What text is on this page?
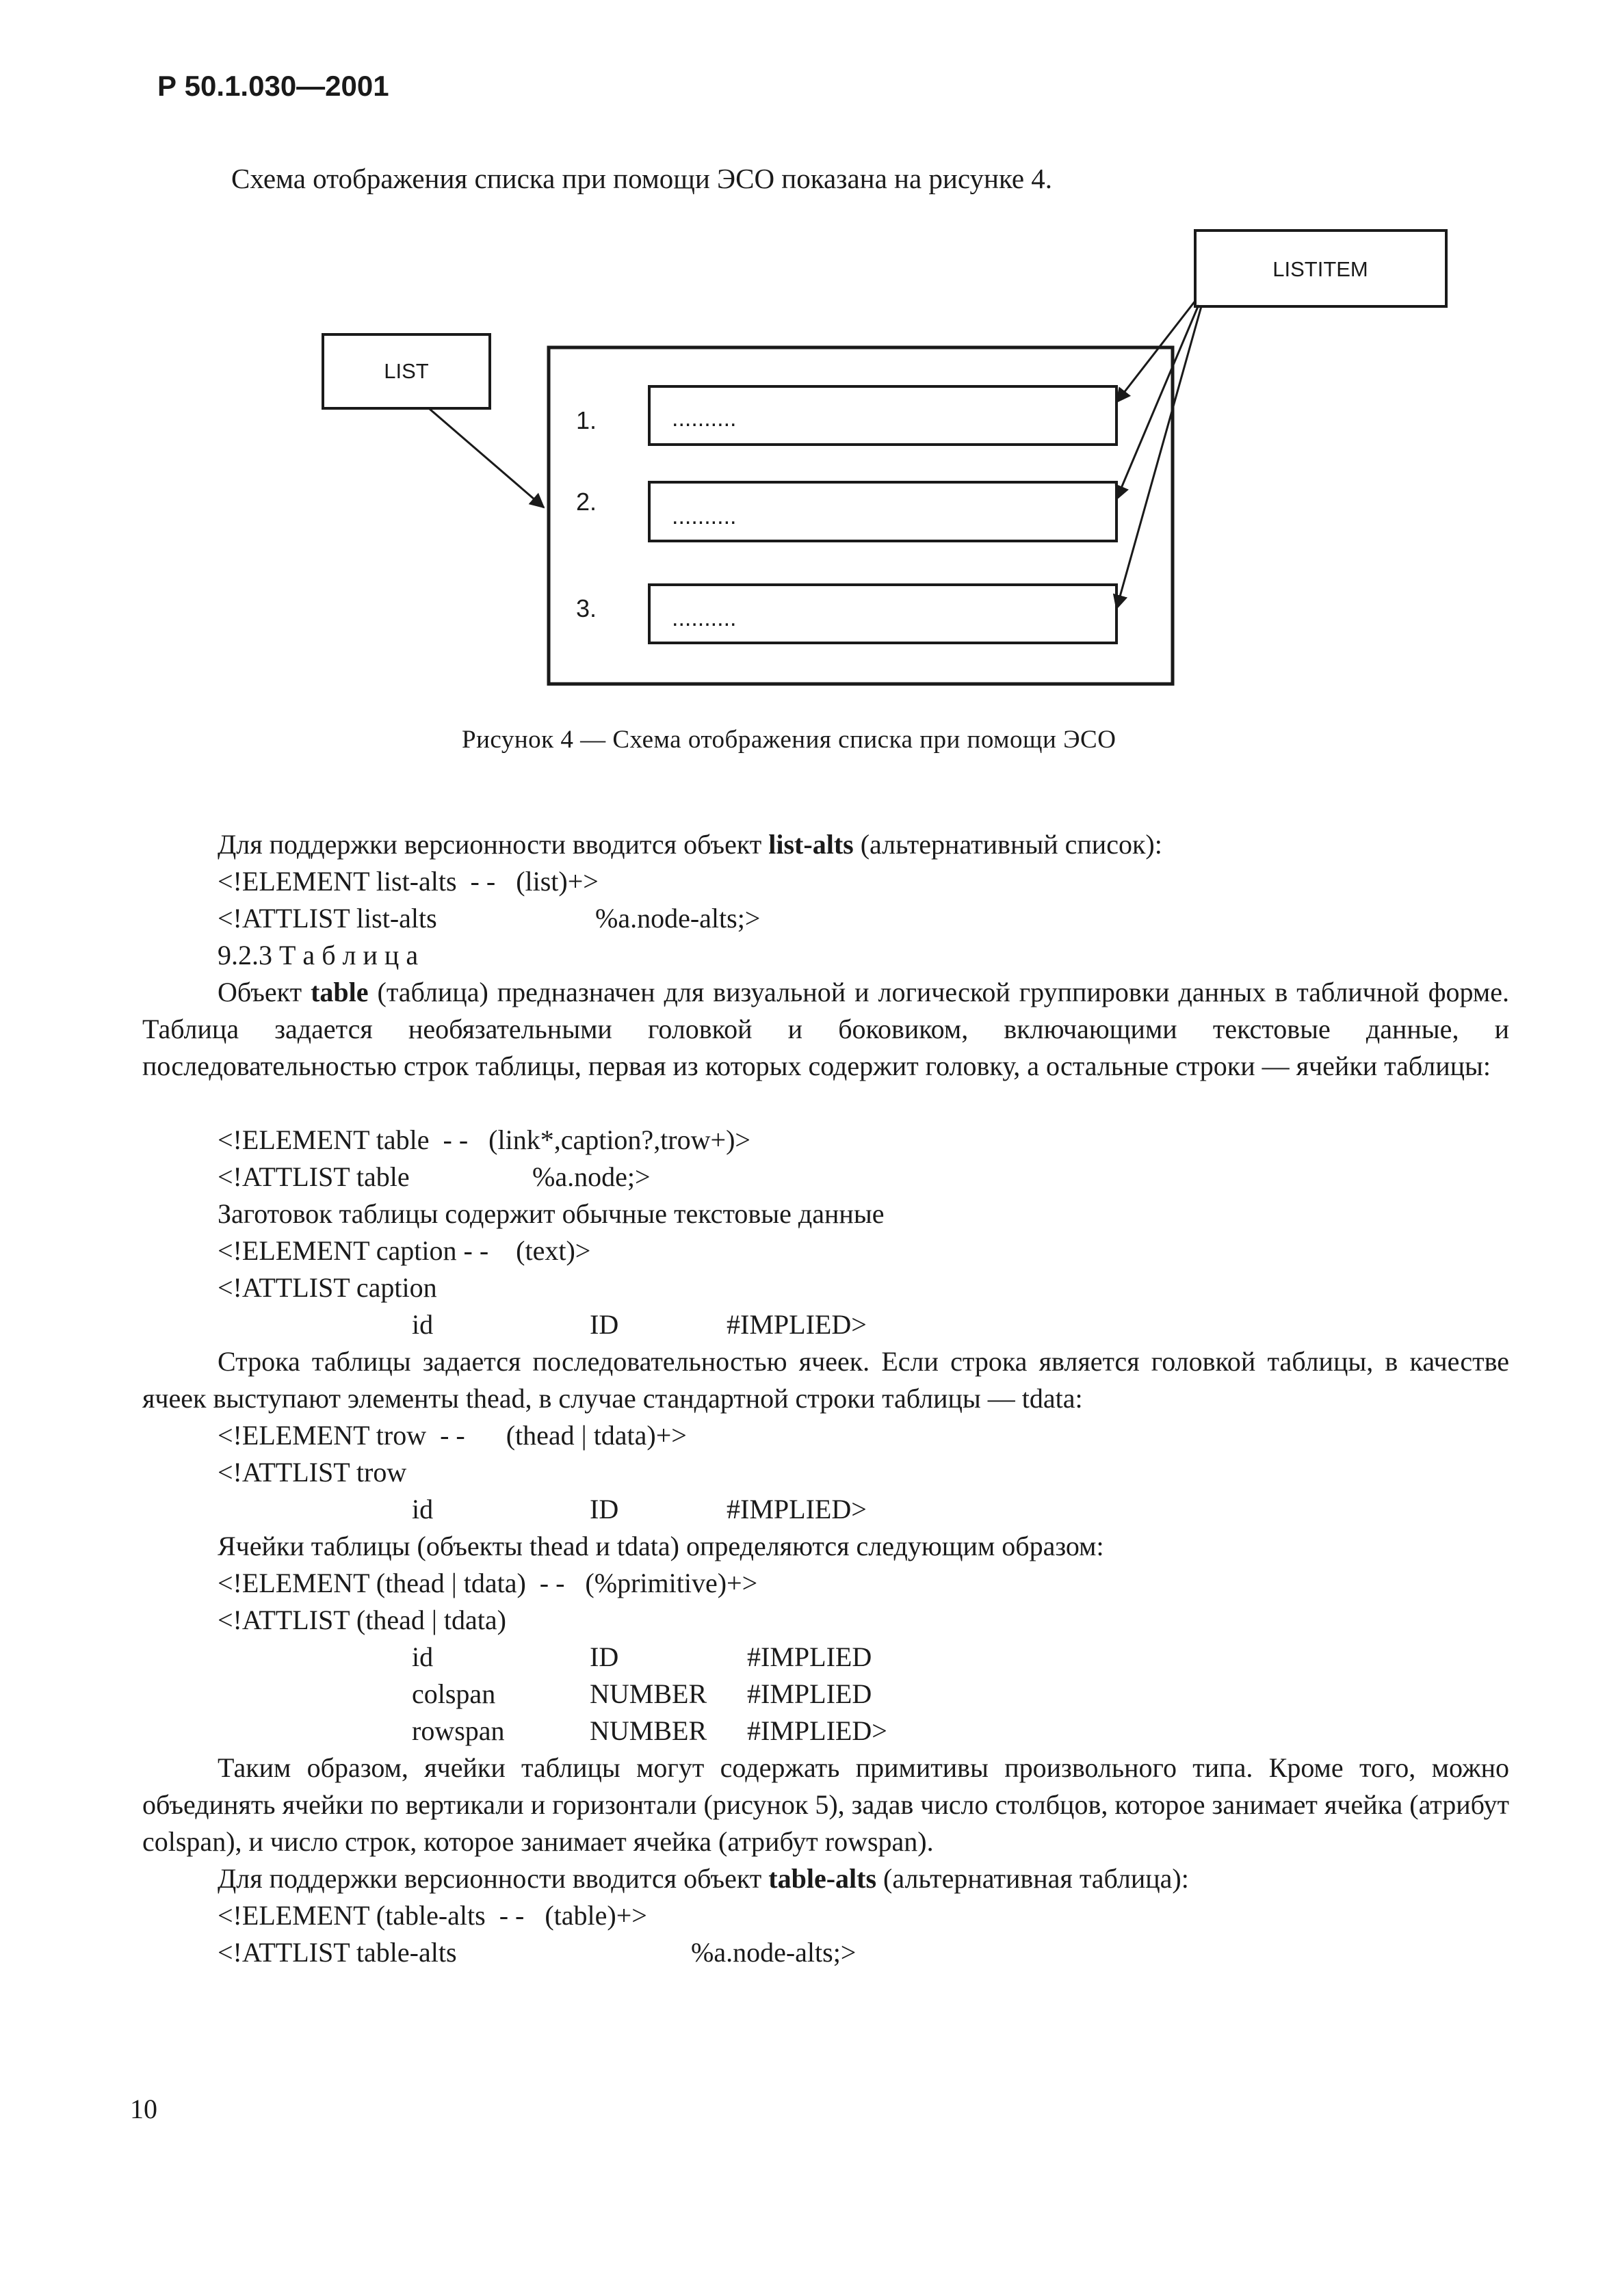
Р 50.1.030—2001
Схема отображения списка при помощи ЭСО показана на рисунке 4.
LISTITEM
LIST
1.	..........
2.
..........
3.	..........
Рисунок 4 — Схема отображения списка при помощи ЭСО
Для поддержки версионности вводится объект list-alts (альтернативный список):
<!ELEMENT list-alts  - -   (list)+>
<!ATTLIST list-alts	%a.node-alts;>
9.2.3 Т а б л и ц а
Объект table (таблица) предназначен для визуальной и логической группировки данных в табличной форме. Таблица задается необязательными головкой и боковиком, включающими текстовые данные, и последовательностью строк таблицы, первая из которых содержит головку, а остальные строки — ячейки таблицы:
<!ELEMENT table  - -   (link*,caption?,trow+)>
<!ATTLIST table	%a.node;>
Заготовок таблицы содержит обычные текстовые данные
<!ELEMENT caption - -    (text)>
<!ATTLIST caption
id	ID	#IMPLIED>
Строка таблицы задается последовательностью ячеек. Если строка является головкой таблицы, в качестве ячеек выступают элементы thead, в случае стандартной строки таблицы — tdata:
<!ELEMENT trow  - -      (thead | tdata)+>
<!ATTLIST trow
id	ID	#IMPLIED>
Ячейки таблицы (объекты thead и tdata) определяются следующим образом:
<!ELEMENT (thead | tdata)  - -   (%primitive)+>
<!ATTLIST (thead | tdata)
id	ID	#IMPLIED
colspan	NUMBER #IMPLIED
rowspan	NUMBER #IMPLIED>
Таким образом, ячейки таблицы могут содержать примитивы произвольного типа. Кроме того, можно объединять ячейки по вертикали и горизонтали (рисунок 5), задав число столбцов, которое занимает ячейка (атрибут colspan), и число строк, которое занимает ячейка (атрибут rowspan).
Для поддержки версионности вводится объект table-alts (альтернативная таблица):
<!ELEMENT (table-alts  - -   (table)+>
<!ATTLIST table-alts	%a.node-alts;>
10
